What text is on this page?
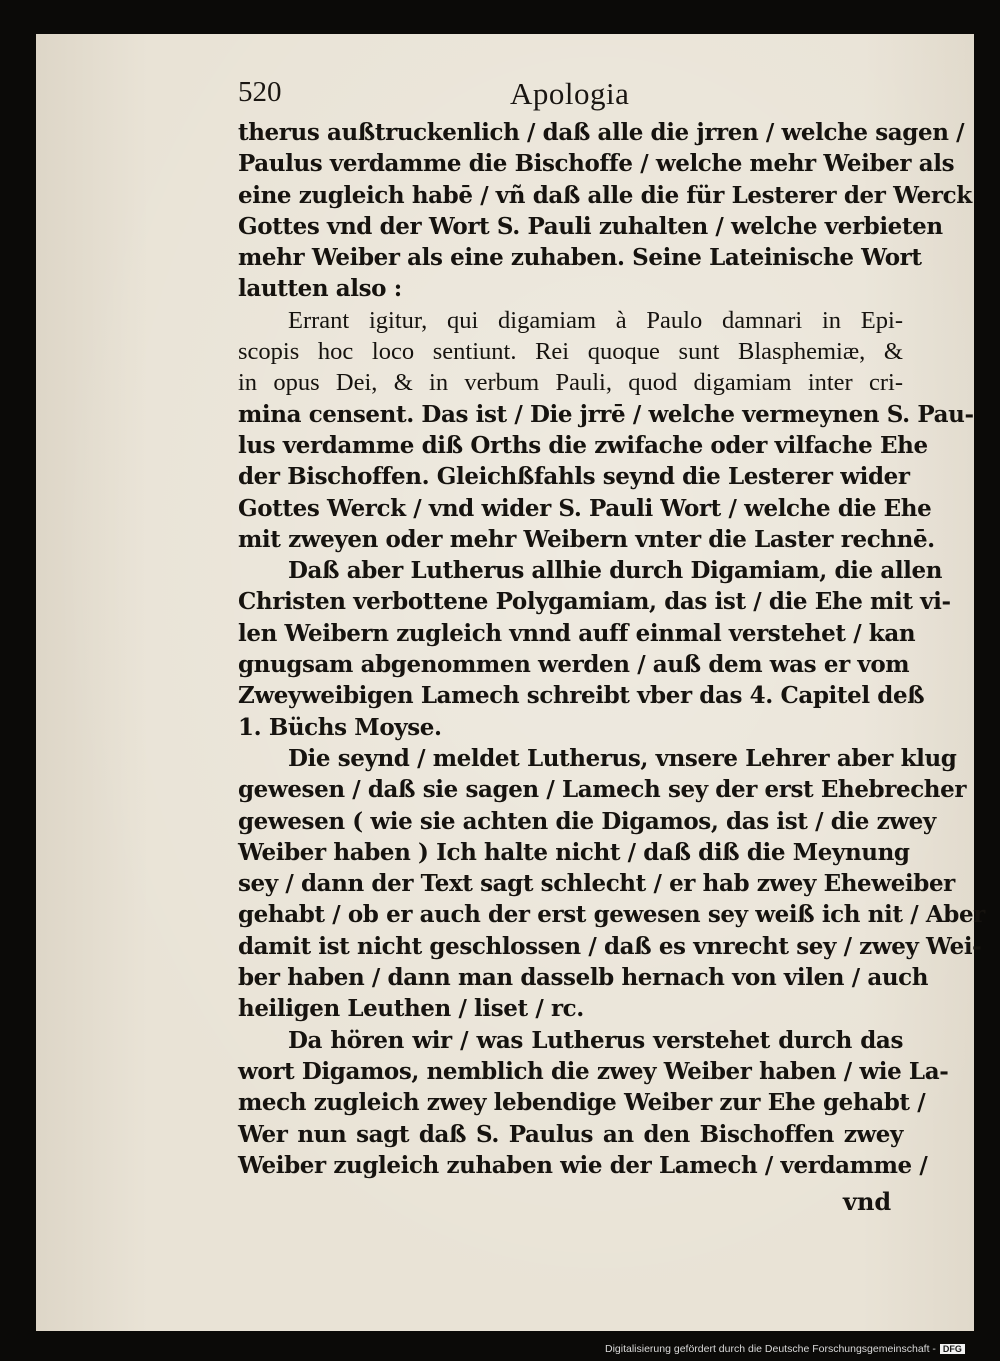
520	Apologia
therus außtruckenlich / daß alle die jrren / welche sagen /
Paulus verdamme die Bischoffe / welche mehr Weiber als
eine zugleich habē / vñ daß alle die für Lesterer der Werck
Gottes vnd der Wort S. Pauli zuhalten / welche verbieten
mehr Weiber als eine zuhaben. Seine Lateinische Wort
lautten also :
Errant igitur, qui digamiam à Paulo damnari in Epi-
scopis hoc loco sentiunt. Rei quoque sunt Blasphemiæ, &
in opus Dei, & in verbum Pauli, quod digamiam inter cri-
mina censent. Das ist / Die jrrē / welche vermeynen S. Pau-
lus verdamme diß Orths die zwifache oder vilfache Ehe
der Bischoffen. Gleichßfahls seynd die Lesterer wider
Gottes Werck / vnd wider S. Pauli Wort / welche die Ehe
mit zweyen oder mehr Weibern vnter die Laster rechnē.
Daß aber Lutherus allhie durch Digamiam, die allen
Christen verbottene Polygamiam, das ist / die Ehe mit vi-
len Weibern zugleich vnnd auff einmal verstehet / kan
gnugsam abgenommen werden / auß dem was er vom
Zweyweibigen Lamech schreibt vber das 4. Capitel deß
1. Büchs Moyse.
Die seynd / meldet Lutherus, vnsere Lehrer aber klug
gewesen / daß sie sagen / Lamech sey der erst Ehebrecher
gewesen ( wie sie achten die Digamos, das ist / die zwey
Weiber haben ) Ich halte nicht / daß diß die Meynung
sey / dann der Text sagt schlecht / er hab zwey Eheweiber
gehabt / ob er auch der erst gewesen sey weiß ich nit / Aber
damit ist nicht geschlossen / daß es vnrecht sey / zwey Wei-
ber haben / dann man dasselb hernach von vilen / auch
heiligen Leuthen / liset / rc.
Da hören wir / was Lutherus verstehet durch das
wort Digamos, nemblich die zwey Weiber haben / wie La-
mech zugleich zwey lebendige Weiber zur Ehe gehabt /
Wer nun sagt daß S. Paulus an den Bischoffen zwey
Weiber zugleich zuhaben wie der Lamech / verdamme /
vnd
Digitalisierung gefördert durch die Deutsche Forschungsgemeinschaft - DFG
